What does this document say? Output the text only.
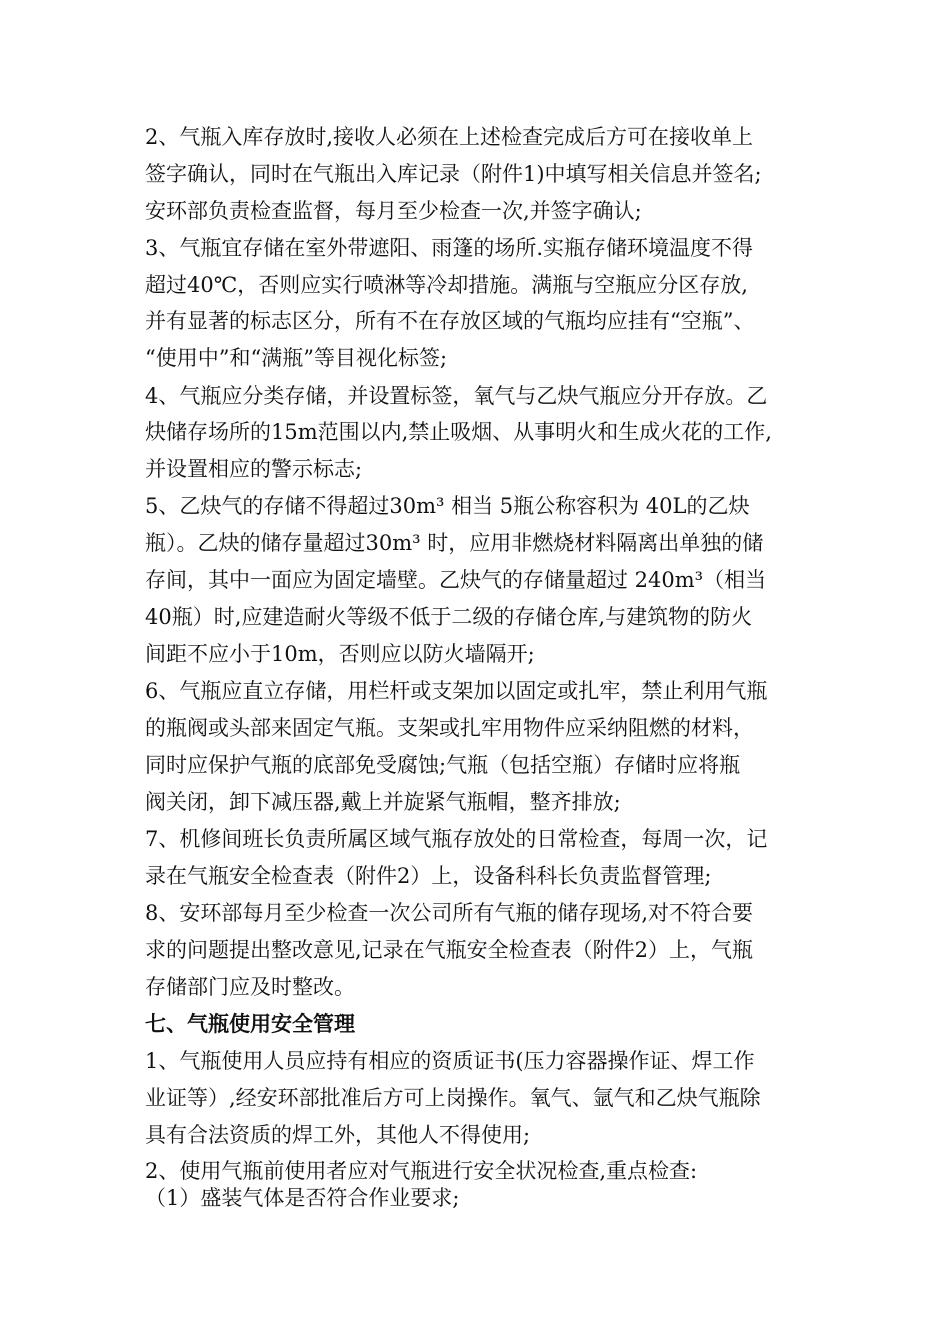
2、气瓶入库存放时,接收人必须在上述检查完成后方可在接收单上
签字确认，同时在气瓶出入库记录（附件1)中填写相关信息并签名;
安环部负责检查监督，每月至少检查一次,并签字确认;
3、气瓶宜存储在室外带遮阳、雨篷的场所.实瓶存储环境温度不得
超过40℃，否则应实行喷淋等冷却措施。满瓶与空瓶应分区存放,
并有显著的标志区分，所有不在存放区域的气瓶均应挂有“空瓶”、
“使用中”和“满瓶”等目视化标签;
4、气瓶应分类存储，并设置标签，氧气与乙炔气瓶应分开存放。乙
炔储存场所的15m范围以内,禁止吸烟、从事明火和生成火花的工作,
并设置相应的警示标志;
5、乙炔气的存储不得超过30m³ 相当 5瓶公称容积为 40L的乙炔
瓶）。乙炔的储存量超过30m³ 时，应用非燃烧材料隔离出单独的储
存间，其中一面应为固定墙壁。乙炔气的存储量超过 240m³（相当
40瓶）时,应建造耐火等级不低于二级的存储仓库,与建筑物的防火
间距不应小于10m，否则应以防火墙隔开;
6、气瓶应直立存储，用栏杆或支架加以固定或扎牢，禁止利用气瓶
的瓶阀或头部来固定气瓶。支架或扎牢用物件应采纳阻燃的材料，
同时应保护气瓶的底部免受腐蚀;气瓶（包括空瓶）存储时应将瓶
阀关闭，卸下减压器,戴上并旋紧气瓶帽，整齐排放;
7、机修间班长负责所属区域气瓶存放处的日常检查，每周一次，记
录在气瓶安全检查表（附件2）上，设备科科长负责监督管理;
8、安环部每月至少检查一次公司所有气瓶的储存现场,对不符合要
求的问题提出整改意见,记录在气瓶安全检查表（附件2）上，气瓶
存储部门应及时整改。
七、气瓶使用安全管理
1、气瓶使用人员应持有相应的资质证书(压力容器操作证、焊工作
业证等）,经安环部批准后方可上岗操作。氧气、氩气和乙炔气瓶除
具有合法资质的焊工外，其他人不得使用;
2、使用气瓶前使用者应对气瓶进行安全状况检查,重点检查:
（1）盛装气体是否符合作业要求;
